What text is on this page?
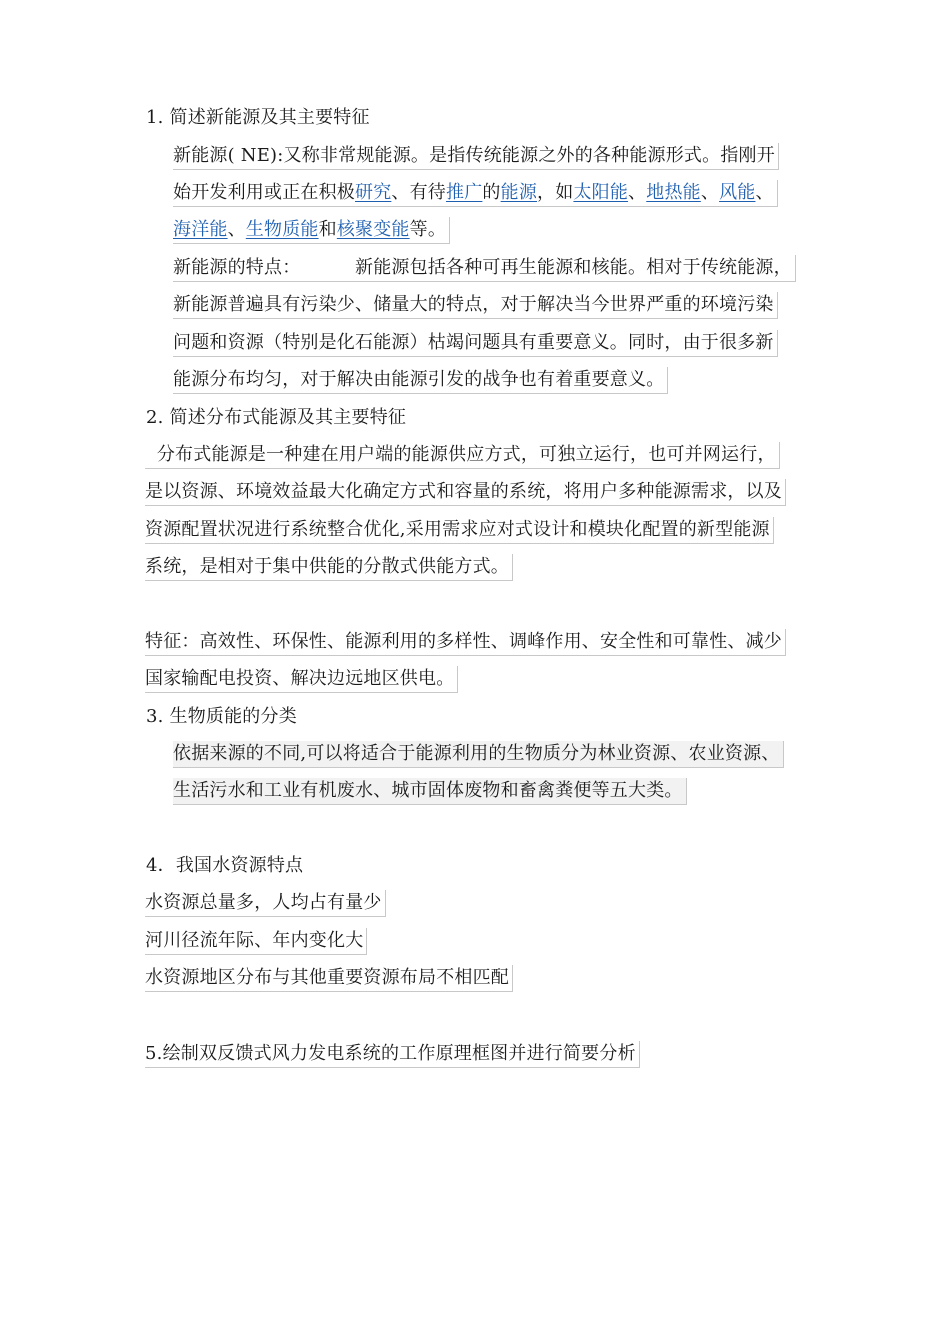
1. 简述新能源及其主要特征
新能源( NE):又称非常规能源。是指传统能源之外的各种能源形式。指刚开
始开发利用或正在积极研究、有待推广的能源，如太阳能、地热能、风能、
海洋能、生物质能和核聚变能等。
新能源的特点：	新能源包括各种可再生能源和核能。相对于传统能源，
新能源普遍具有污染少、储量大的特点，对于解决当今世界严重的环境污染
问题和资源（特别是化石能源）枯竭问题具有重要意义。同时，由于很多新
能源分布均匀，对于解决由能源引发的战争也有着重要意义。
2. 简述分布式能源及其主要特征
分布式能源是一种建在用户端的能源供应方式，可独立运行，也可并网运行，
是以资源、环境效益最大化确定方式和容量的系统，将用户多种能源需求，以及
资源配置状况进行系统整合优化,采用需求应对式设计和模块化配置的新型能源
系统，是相对于集中供能的分散式供能方式。
特征：高效性、环保性、能源利用的多样性、调峰作用、安全性和可靠性、减少
国家输配电投资、解决边远地区供电。
3. 生物质能的分类
依据来源的不同,可以将适合于能源利用的生物质分为林业资源、农业资源、
生活污水和工业有机废水、城市固体废物和畜禽粪便等五大类。
4．我国水资源特点
水资源总量多，人均占有量少
河川径流年际、年内变化大
水资源地区分布与其他重要资源布局不相匹配
5.绘制双反馈式风力发电系统的工作原理框图并进行简要分析
